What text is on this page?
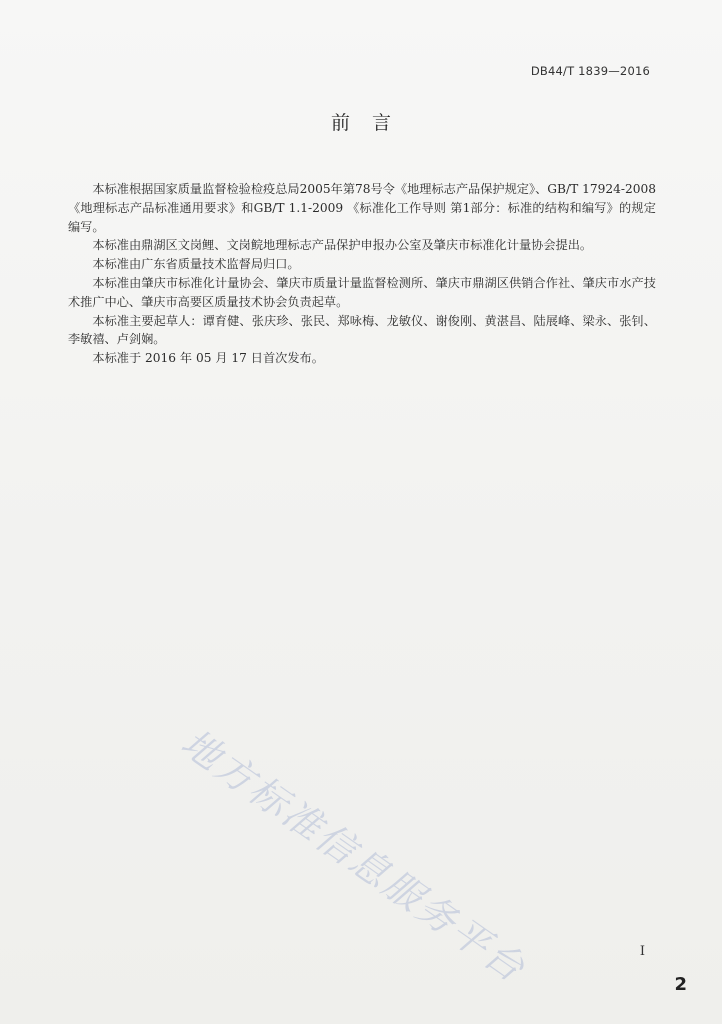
DB44/T 1839—2016
前言

本标准根据国家质量监督检验检疫总局2005年第78号令《地理标志产品保护规定》、GB/T 17924-2008《地理标志产品标准通用要求》和GB/T 1.1-2009 《标准化工作导则 第1部分：标准的结构和编写》的规定编写。

本标准由鼎湖区文岗鲤、文岗鲩地理标志产品保护申报办公室及肇庆市标准化计量协会提出。

本标准由广东省质量技术监督局归口。

本标准由肇庆市标准化计量协会、肇庆市质量计量监督检测所、肇庆市鼎湖区供销合作社、肇庆市水产技术推广中心、肇庆市高要区质量技术协会负责起草。

本标准主要起草人：谭育健、张庆珍、张民、郑咏梅、龙敏仪、谢俊刚、黄湛昌、陆展峰、梁永、张钊、李敏禧、卢剑娴。

本标准于 2016 年 05 月 17 日首次发布。

地方标准信息服务平台	I
2
